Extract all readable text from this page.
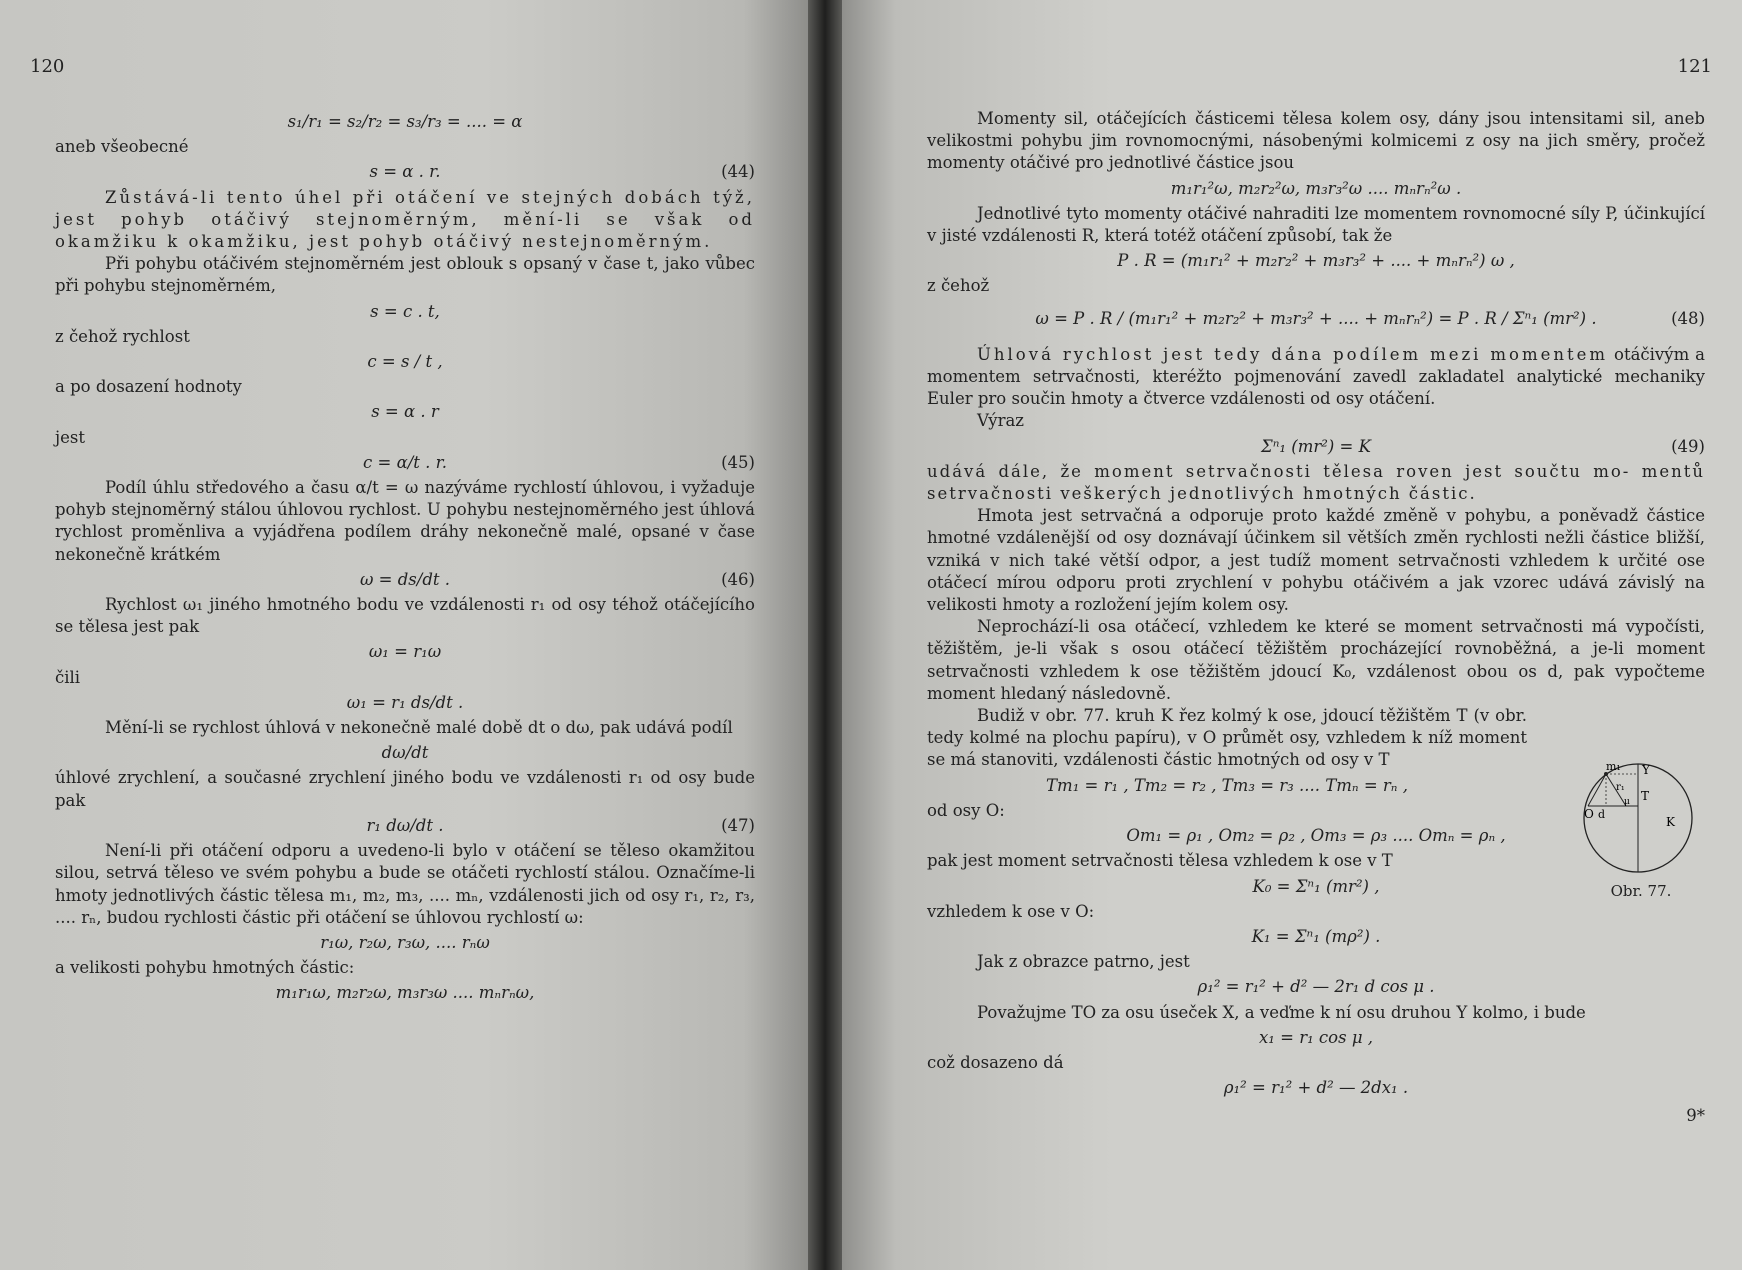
120
s₁/r₁ = s₂/r₂ = s₃/r₃ = .... = α

aneb všeobecné

s = α . r.	(44)

Zůstává-li tento úhel při otáčení ve stejných dobách týž, jest pohyb otáčivý stejnoměrným, mění-li se však od okamžiku k okamžiku, jest pohyb otáčivý nestejnoměrným.

Při pohybu otáčivém stejnoměrném jest oblouk s opsaný v čase t, jako vůbec při pohybu stejnoměrném,

s = c . t,

z čehož rychlost

c = s / t ,

a po dosazení hodnoty

s = α . r

jest

c = α/t . r.	(45)

Podíl úhlu středového a času α/t = ω nazýváme rychlostí úhlovou, i vyžaduje pohyb stejnoměrný stálou úhlovou rychlost. U pohybu nestejnoměrného jest úhlová rychlost proměnliva a vyjádřena podílem dráhy nekonečně malé, opsané v čase nekonečně krátkém

ω = ds/dt .	(46)

Rychlost ω₁ jiného hmotného bodu ve vzdálenosti r₁ od osy téhož otáčejícího se tělesa jest pak

ω₁ = r₁ω

čili

ω₁ = r₁ ds/dt .

Mění-li se rychlost úhlová v nekonečně malé době dt o dω, pak udává podíl

dω/dt

úhlové zrychlení, a současné zrychlení jiného bodu ve vzdálenosti r₁ od osy bude pak

r₁ dω/dt .	(47)

Není-li při otáčení odporu a uvedeno-li bylo v otáčení se těleso okamžitou silou, setrvá těleso ve svém pohybu a bude se otáčeti rychlostí stálou. Označíme-li hmoty jednotlivých částic tělesa m₁, m₂, m₃, .... mₙ, vzdálenosti jich od osy r₁, r₂, r₃, .... rₙ, budou rychlosti částic při otáčení se úhlovou rychlostí ω:

r₁ω, r₂ω, r₃ω, .... rₙω

a velikosti pohybu hmotných částic:

m₁r₁ω, m₂r₂ω, m₃r₃ω .... mₙrₙω,
121

Momenty sil, otáčejících částicemi tělesa kolem osy, dány jsou intensitami sil, aneb velikostmi pohybu jim rovnomocnými, násobenými kolmicemi z osy na jich směry, pročež momenty otáčivé pro jednotlivé částice jsou

m₁r₁²ω, m₂r₂²ω, m₃r₃²ω .... mₙrₙ²ω .

Jednotlivé tyto momenty otáčivé nahraditi lze momentem rovnomocné síly P, účinkující v jisté vzdálenosti R, která totéž otáčení způsobí, tak že

P . R = (m₁r₁² + m₂r₂² + m₃r₃² + .... + mₙrₙ²) ω ,

z čehož

ω = P . R / (m₁r₁² + m₂r₂² + m₃r₃² + .... + mₙrₙ²) = P . R / Σⁿ₁ (mr²) .	(48)

Úhlová rychlost jest tedy dána podílem mezi momentem otáčivým a momentem setrvačnosti, kteréžto pojmenování zavedl zakladatel analytické mechaniky Euler pro součin hmoty a čtverce vzdálenosti od osy otáčení.

Výraz

Σⁿ₁ (mr²) = K	(49)

udává dále, že moment setrvačnosti tělesa roven jest součtu mo- mentů setrvačnosti veškerých jednotlivých hmotných částic.

Hmota jest setrvačná a odporuje proto každé změně v pohybu, a poněvadž částice hmotné vzdálenější od osy doznávají účinkem sil větších změn rychlosti nežli částice bližší, vzniká v nich také větší odpor, a jest tudíž moment setrvačnosti vzhledem k určité ose otáčecí mírou odporu proti zrychlení v pohybu otáčivém a jak vzorec udává závislý na velikosti hmoty a rozložení jejím kolem osy.

Neprochází-li osa otáčecí, vzhledem ke které se moment setrvačnosti má vypočísti, těžištěm, je-li však s osou otáčecí těžištěm procházející rovnoběžná, a je-li moment setrvačnosti vzhledem k ose těžištěm jdoucí K₀, vzdálenost obou os d, pak vypočteme moment hledaný následovně.

Budiž v obr. 77. kruh K řez kolmý k ose, jdoucí těžištěm T (v obr. tedy kolmé na plochu papíru), v O průmět osy, vzhledem k níž moment se má stanoviti, vzdálenosti částic hmotných od osy v T

Tm₁ = r₁ , Tm₂ = r₂ , Tm₃ = r₃ .... Tmₙ = rₙ ,

od osy O:

Om₁ = ρ₁ , Om₂ = ρ₂ , Om₃ = ρ₃ .... Omₙ = ρₙ ,

pak jest moment setrvačnosti tělesa vzhledem k ose v T

K₀ = Σⁿ₁ (mr²) ,

vzhledem k ose v O:

K₁ = Σⁿ₁ (mρ²) .

Jak z obrazce patrno, jest

ρ₁² = r₁² + d² — 2r₁ d cos μ .

Považujme TO za osu úseček X, a veďme k ní osu druhou Y kolmo, i bude

x₁ = r₁ cos μ ,

což dosazeno dá

ρ₁² = r₁² + d² — 2dx₁ .
9*
m₁ Y
r₁
T
O d
μ
K
Obr. 77.
